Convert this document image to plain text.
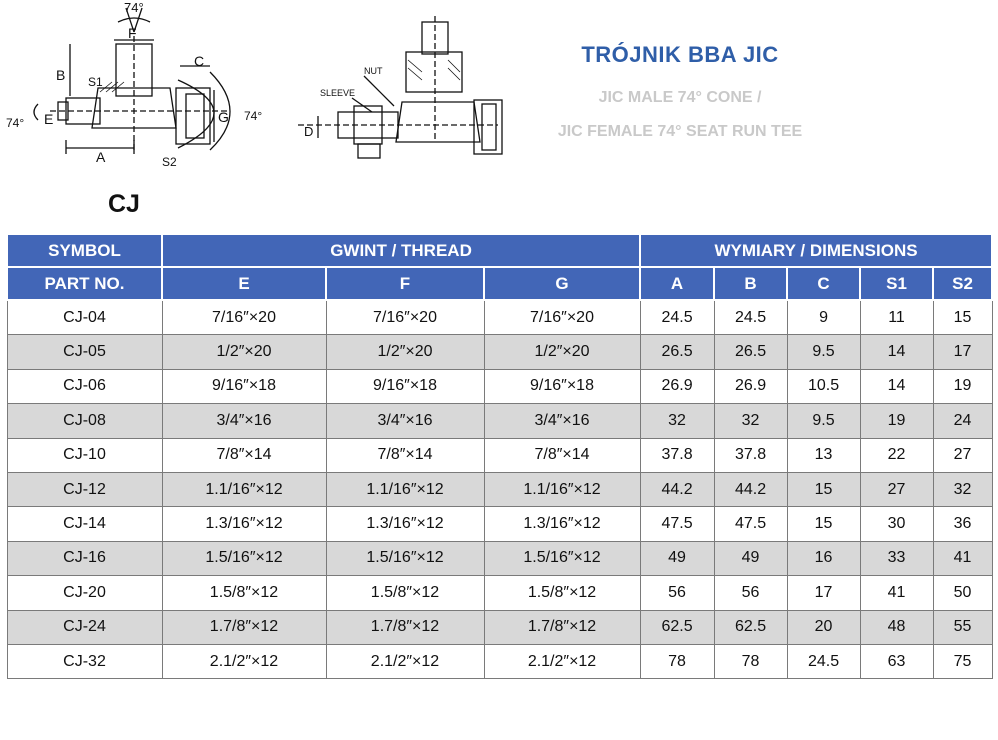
74°
F
B S1
C
74° E	G 74°
A	S2
NUT
SLEEVE
D
TRÓJNIK BBA JIC
JIC MALE 74° CONE /
JIC FEMALE 74° SEAT RUN TEE
CJ
SYMBOL	GWINT / THREAD			WYMIARY / DIMENSIONS				
PART NO.	E	F	G	A	B	C	S1	S2
CJ-04	7/16″×20	7/16″×20	7/16″×20	24.5	24.5	9	11	15
CJ-05	1/2″×20	1/2″×20	1/2″×20	26.5	26.5	9.5	14	17
CJ-06	9/16″×18	9/16″×18	9/16″×18	26.9	26.9	10.5	14	19
CJ-08	3/4″×16	3/4″×16	3/4″×16	32	32	9.5	19	24
CJ-10	7/8″×14	7/8″×14	7/8″×14	37.8	37.8	13	22	27
CJ-12	1.1/16″×12	1.1/16″×12	1.1/16″×12	44.2	44.2	15	27	32
CJ-14	1.3/16″×12	1.3/16″×12	1.3/16″×12	47.5	47.5	15	30	36
CJ-16	1.5/16″×12	1.5/16″×12	1.5/16″×12	49	49	16	33	41
CJ-20	1.5/8″×12	1.5/8″×12	1.5/8″×12	56	56	17	41	50
CJ-24	1.7/8″×12	1.7/8″×12	1.7/8″×12	62.5	62.5	20	48	55
CJ-32	2.1/2″×12	2.1/2″×12	2.1/2″×12	78	78	24.5	63	75
